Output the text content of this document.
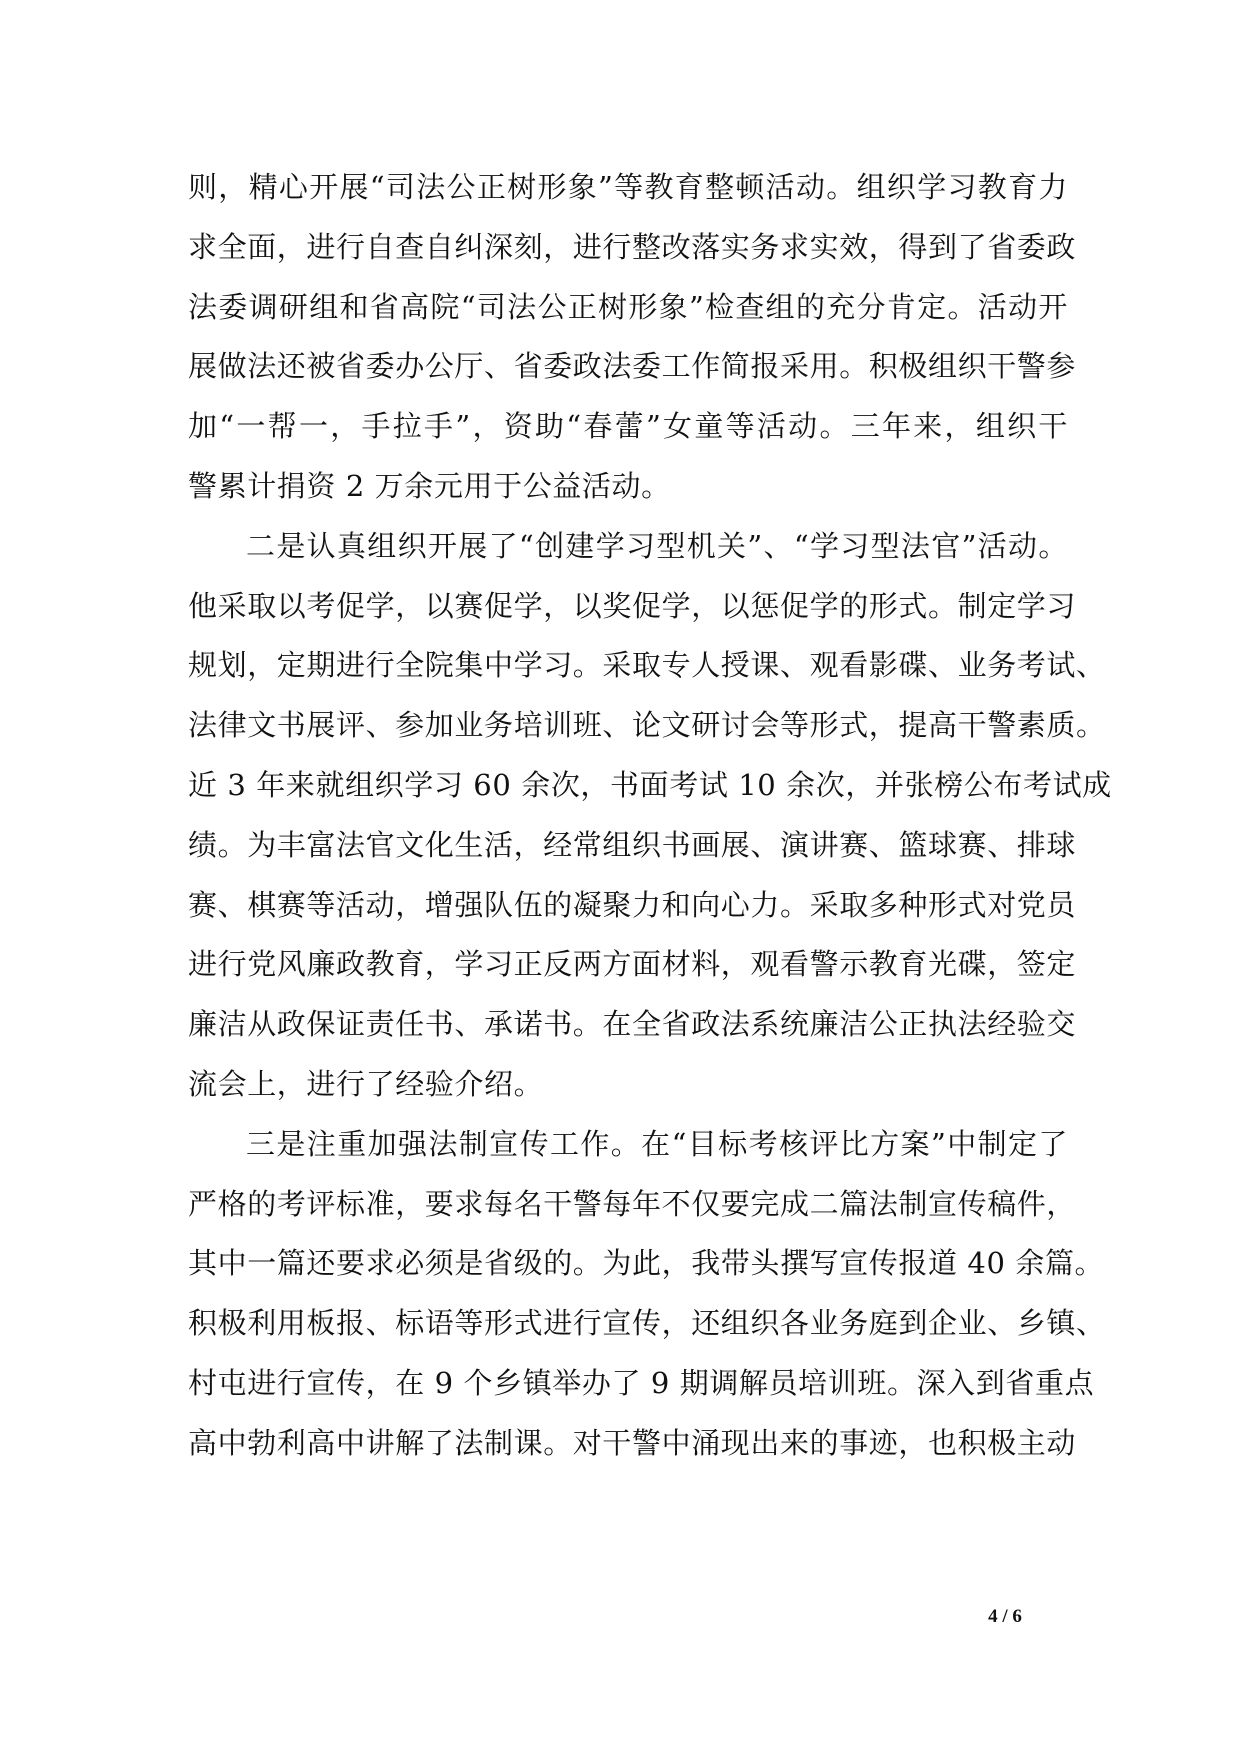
则，精心开展“司法公正树形象”等教育整顿活动。组织学习教育力
求全面，进行自查自纠深刻，进行整改落实务求实效，得到了省委政
法委调研组和省高院“司法公正树形象”检查组的充分肯定。活动开
展做法还被省委办公厅、省委政法委工作简报采用。积极组织干警参
加“一帮一，手拉手”，资助“春蕾”女童等活动。三年来，组织干
警累计捐资 2 万余元用于公益活动。
二是认真组织开展了“创建学习型机关”、“学习型法官”活动。
他采取以考促学，以赛促学，以奖促学，以惩促学的形式。制定学习
规划，定期进行全院集中学习。采取专人授课、观看影碟、业务考试、
法律文书展评、参加业务培训班、论文研讨会等形式，提高干警素质。
近 3 年来就组织学习 60 余次，书面考试 10 余次，并张榜公布考试成
绩。为丰富法官文化生活，经常组织书画展、演讲赛、篮球赛、排球
赛、棋赛等活动，增强队伍的凝聚力和向心力。采取多种形式对党员
进行党风廉政教育，学习正反两方面材料，观看警示教育光碟，签定
廉洁从政保证责任书、承诺书。在全省政法系统廉洁公正执法经验交
流会上，进行了经验介绍。
三是注重加强法制宣传工作。在“目标考核评比方案”中制定了
严格的考评标准，要求每名干警每年不仅要完成二篇法制宣传稿件，
其中一篇还要求必须是省级的。为此，我带头撰写宣传报道 40 余篇。
积极利用板报、标语等形式进行宣传，还组织各业务庭到企业、乡镇、
村屯进行宣传，在 9 个乡镇举办了 9 期调解员培训班。深入到省重点
高中勃利高中讲解了法制课。对干警中涌现出来的事迹，也积极主动
4 / 6
